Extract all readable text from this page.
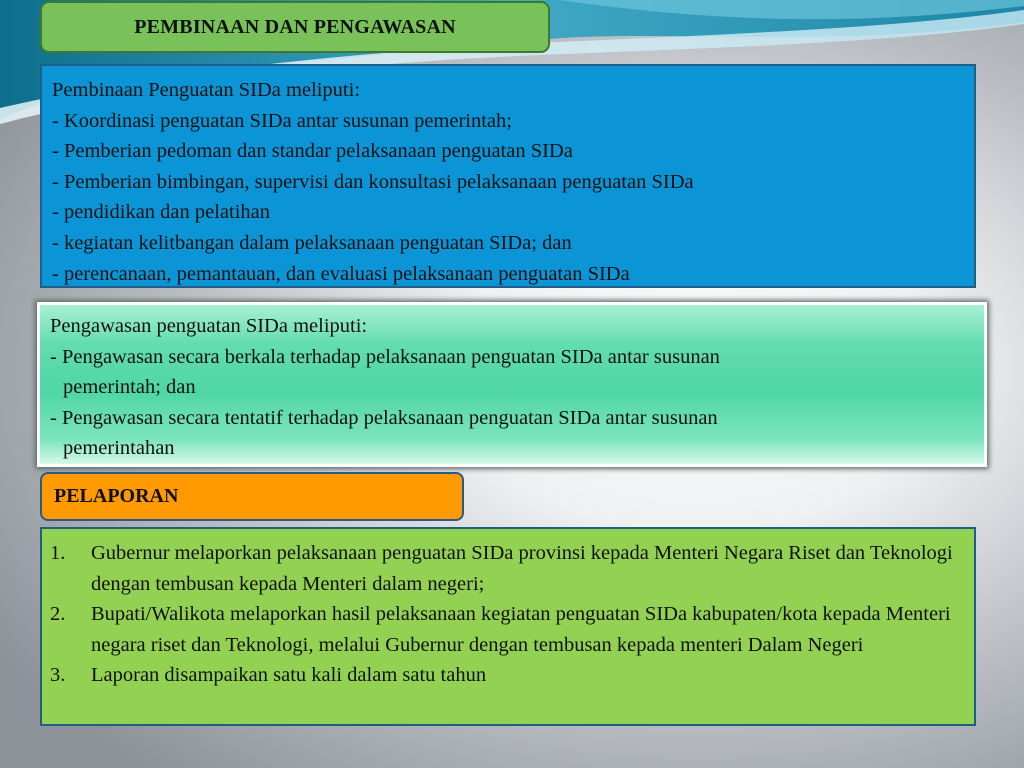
PEMBINAAN DAN PENGAWASAN
Pembinaan Penguatan SIDa meliputi:
- Koordinasi penguatan SIDa antar susunan pemerintah;
- Pemberian pedoman dan standar pelaksanaan penguatan SIDa
- Pemberian bimbingan, supervisi dan konsultasi pelaksanaan penguatan SIDa
- pendidikan dan pelatihan
- kegiatan kelitbangan dalam pelaksanaan penguatan SIDa; dan
- perencanaan, pemantauan, dan evaluasi pelaksanaan penguatan SIDa
Pengawasan penguatan SIDa meliputi:
- Pengawasan secara berkala terhadap pelaksanaan penguatan SIDa antar susunan
pemerintah; dan
- Pengawasan secara tentatif terhadap pelaksanaan penguatan SIDa antar susunan
pemerintahan
PELAPORAN
1.	Gubernur melaporkan pelaksanaan penguatan SIDa provinsi kepada Menteri Negara Riset dan Teknologi dengan tembusan kepada Menteri dalam negeri;
2.	Bupati/Walikota melaporkan hasil pelaksanaan kegiatan penguatan SIDa kabupaten/kota kepada Menteri negara riset dan Teknologi, melalui Gubernur dengan tembusan kepada menteri Dalam Negeri
3.	Laporan disampaikan satu kali dalam satu tahun
